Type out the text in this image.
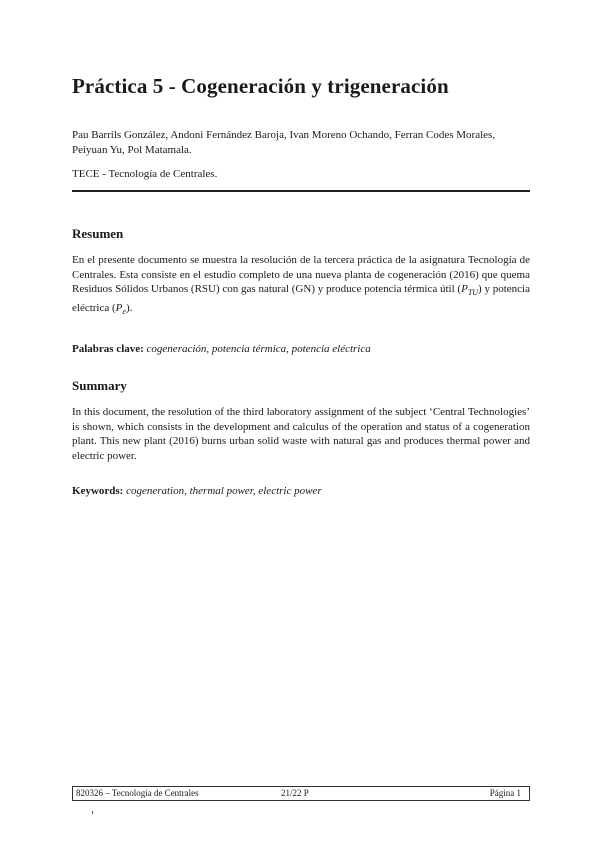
Práctica 5 - Cogeneración y trigeneración
Pau Barrils González, Andoni Fernández Baroja, Ivan Moreno Ochando, Ferran Codes Morales, Peiyuan Yu, Pol Matamala.
TECE - Tecnología de Centrales.
Resumen
En el presente documento se muestra la resolución de la tercera práctica de la asignatura Tecnología de Centrales. Esta consiste en el estudio completo de una nueva planta de cogeneración (2016) que quema Residuos Sólidos Urbanos (RSU) con gas natural (GN) y produce potencia térmica útil $(P_{TU})$ y potencia eléctrica $(P_e)$.
Palabras clave: cogeneración, potencia térmica, potencia eléctrica
Summary
In this document, the resolution of the third laboratory assignment of the subject ‘Central Technologies’ is shown, which consists in the development and calculus of the operation and status of a cogeneration plant. This new plant (2016) burns urban solid waste with natural gas and produces thermal power and electric power.
Keywords: cogeneration, thermal power, electric power
820326 – Tecnología de Centrales	21/22 P	Página 1
